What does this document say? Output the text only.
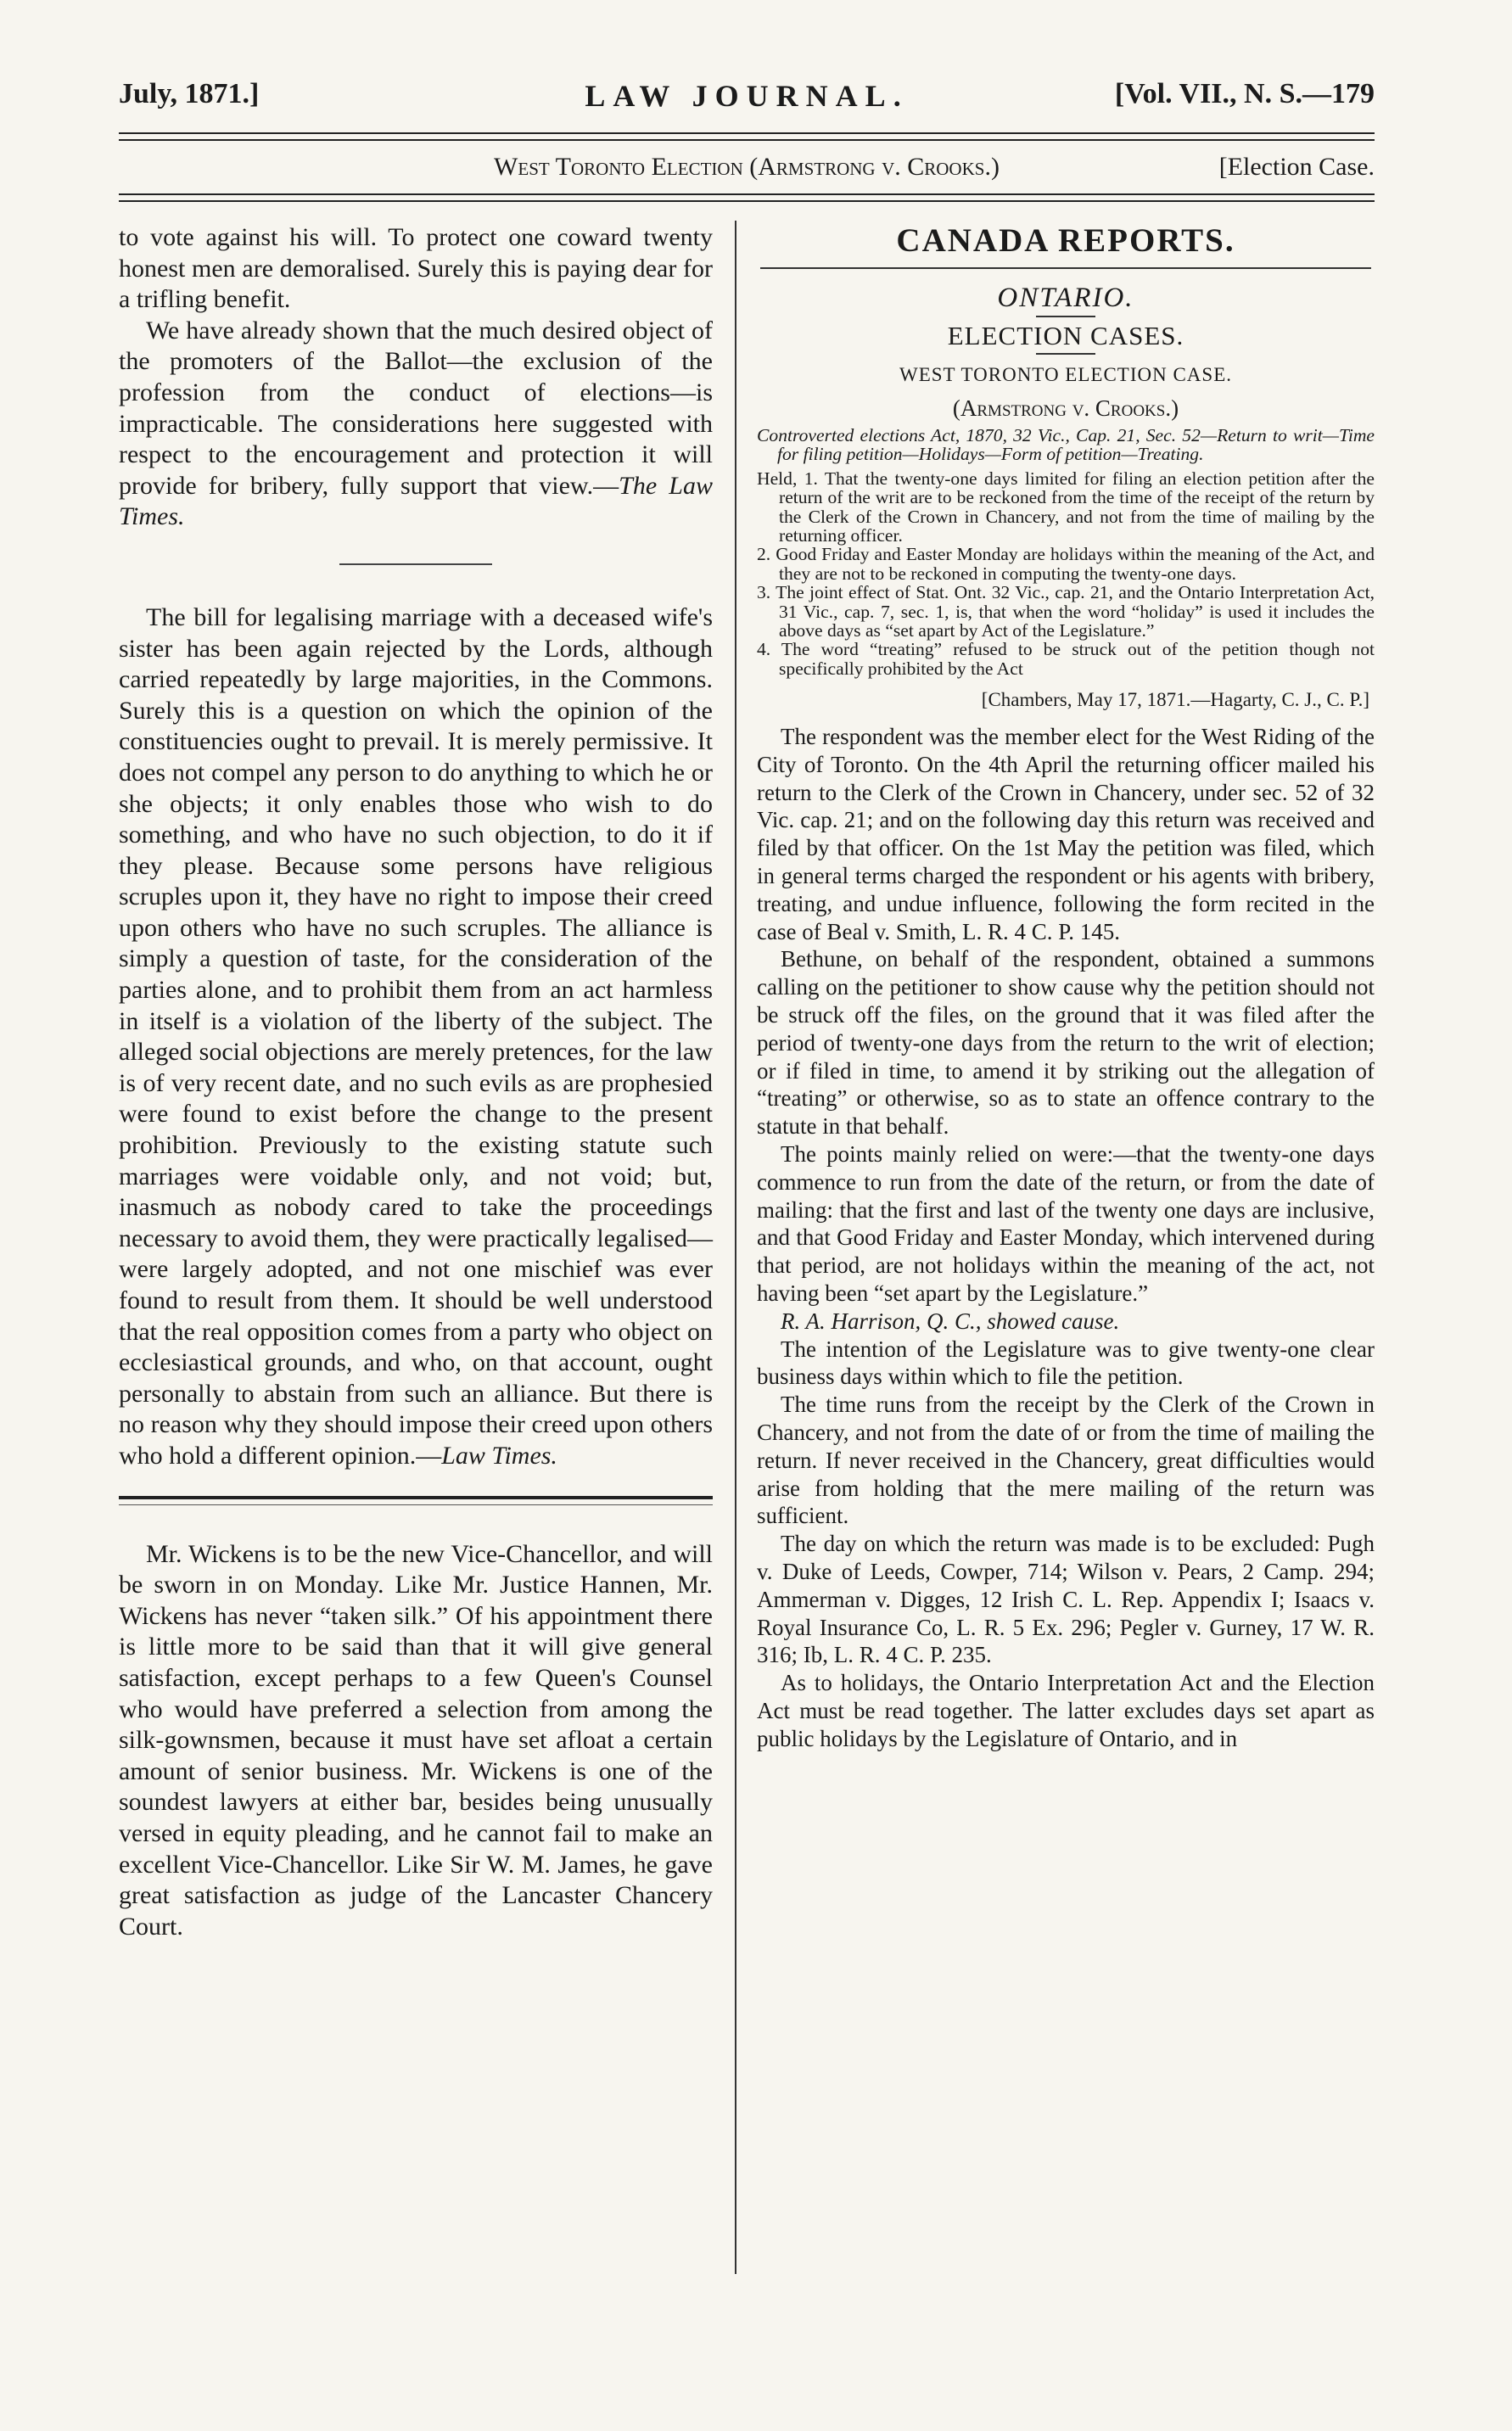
July, 1871.]	LAW JOURNAL.	[Vol. VII., N. S.—179
West Toronto Election (Armstrong v. Crooks.)	[Election Case.

to vote against his will. To protect one coward twenty honest men are demoralised. Surely this is paying dear for a trifling benefit.

We have already shown that the much desired object of the promoters of the Ballot—the exclusion of the profession from the conduct of elections—is impracticable. The considerations here suggested with respect to the encouragement and protection it will provide for bribery, fully support that view.—The Law Times.

The bill for legalising marriage with a deceased wife's sister has been again rejected by the Lords, although carried repeatedly by large majorities, in the Commons. Surely this is a question on which the opinion of the constituencies ought to prevail. It is merely permissive. It does not compel any person to do anything to which he or she objects; it only enables those who wish to do something, and who have no such objection, to do it if they please. Because some persons have religious scruples upon it, they have no right to impose their creed upon others who have no such scruples. The alliance is simply a question of taste, for the consideration of the parties alone, and to prohibit them from an act harmless in itself is a violation of the liberty of the subject. The alleged social objections are merely pretences, for the law is of very recent date, and no such evils as are prophesied were found to exist before the change to the present prohibition. Previously to the existing statute such marriages were voidable only, and not void; but, inasmuch as nobody cared to take the proceedings necessary to avoid them, they were practically legalised—were largely adopted, and not one mischief was ever found to result from them. It should be well understood that the real opposition comes from a party who object on ecclesiastical grounds, and who, on that account, ought personally to abstain from such an alliance. But there is no reason why they should impose their creed upon others who hold a different opinion.—Law Times.

Mr. Wickens is to be the new Vice-Chancellor, and will be sworn in on Monday. Like Mr. Justice Hannen, Mr. Wickens has never “taken silk.” Of his appointment there is little more to be said than that it will give general satisfaction, except perhaps to a few Queen's Counsel who would have preferred a selection from among the silk-gownsmen, because it must have set afloat a certain amount of senior business. Mr. Wickens is one of the soundest lawyers at either bar, besides being unusually versed in equity pleading, and he cannot fail to make an excellent Vice-Chancellor. Like Sir W. M. James, he gave great satisfaction as judge of the Lancaster Chancery Court.

CANADA REPORTS.
ONTARIO.
ELECTION CASES.
WEST TORONTO ELECTION CASE.
(Armstrong v. Crooks.)

Controverted elections Act, 1870, 32 Vic., Cap. 21, Sec. 52—Return to writ—Time for filing petition—Holidays—Form of petition—Treating.

Held, 1. That the twenty-one days limited for filing an election petition after the return of the writ are to be reckoned from the time of the receipt of the return by the Clerk of the Crown in Chancery, and not from the time of mailing by the returning officer.

2. Good Friday and Easter Monday are holidays within the meaning of the Act, and they are not to be reckoned in computing the twenty-one days.

3. The joint effect of Stat. Ont. 32 Vic., cap. 21, and the Ontario Interpretation Act, 31 Vic., cap. 7, sec. 1, is, that when the word “holiday” is used it includes the above days as “set apart by Act of the Legislature.”

4. The word “treating” refused to be struck out of the petition though not specifically prohibited by the Act

[Chambers, May 17, 1871.—Hagarty, C. J., C. P.]

The respondent was the member elect for the West Riding of the City of Toronto. On the 4th April the returning officer mailed his return to the Clerk of the Crown in Chancery, under sec. 52 of 32 Vic. cap. 21; and on the following day this return was received and filed by that officer. On the 1st May the petition was filed, which in general terms charged the respondent or his agents with bribery, treating, and undue influence, following the form recited in the case of Beal v. Smith, L. R. 4 C. P. 145.

Bethune, on behalf of the respondent, obtained a summons calling on the petitioner to show cause why the petition should not be struck off the files, on the ground that it was filed after the period of twenty-one days from the return to the writ of election; or if filed in time, to amend it by striking out the allegation of “treating” or otherwise, so as to state an offence contrary to the statute in that behalf.

The points mainly relied on were:—that the twenty-one days commence to run from the date of the return, or from the date of mailing: that the first and last of the twenty one days are inclusive, and that Good Friday and Easter Monday, which intervened during that period, are not holidays within the meaning of the act, not having been “set apart by the Legislature.”

R. A. Harrison, Q. C., showed cause.

The intention of the Legislature was to give twenty-one clear business days within which to file the petition.

The time runs from the receipt by the Clerk of the Crown in Chancery, and not from the date of or from the time of mailing the return. If never received in the Chancery, great difficulties would arise from holding that the mere mailing of the return was sufficient.

The day on which the return was made is to be excluded: Pugh v. Duke of Leeds, Cowper, 714; Wilson v. Pears, 2 Camp. 294; Ammerman v. Digges, 12 Irish C. L. Rep. Appendix I; Isaacs v. Royal Insurance Co, L. R. 5 Ex. 296; Pegler v. Gurney, 17 W. R. 316; Ib, L. R. 4 C. P. 235.

As to holidays, the Ontario Interpretation Act and the Election Act must be read together. The latter excludes days set apart as public holidays by the Legislature of Ontario, and in
